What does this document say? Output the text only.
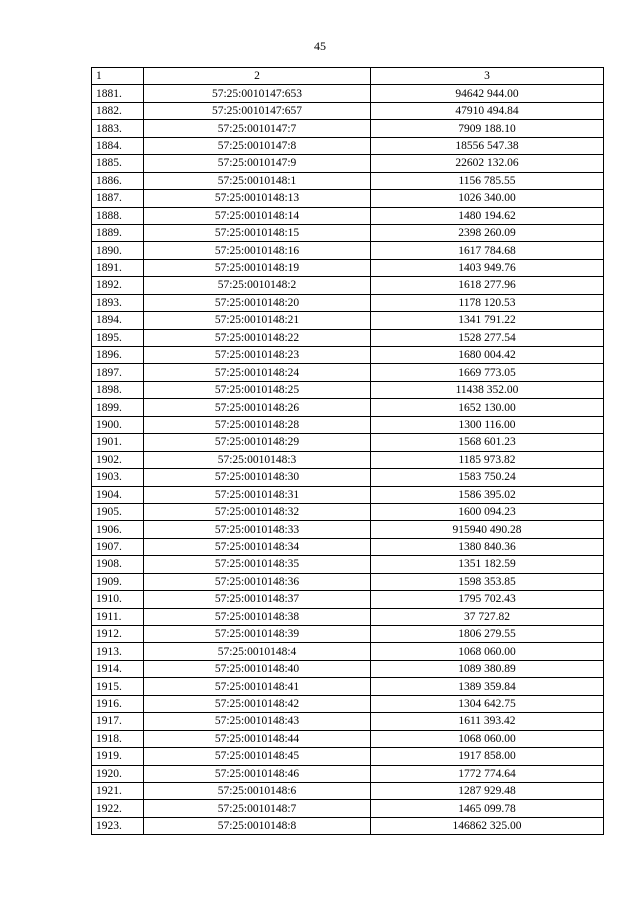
45
1	2	3
1881.	57:25:0010147:653	94642 944.00
1882.	57:25:0010147:657	47910 494.84
1883.	57:25:0010147:7	7909 188.10
1884.	57:25:0010147:8	18556 547.38
1885.	57:25:0010147:9	22602 132.06
1886.	57:25:0010148:1	1156 785.55
1887.	57:25:0010148:13	1026 340.00
1888.	57:25:0010148:14	1480 194.62
1889.	57:25:0010148:15	2398 260.09
1890.	57:25:0010148:16	1617 784.68
1891.	57:25:0010148:19	1403 949.76
1892.	57:25:0010148:2	1618 277.96
1893.	57:25:0010148:20	1178 120.53
1894.	57:25:0010148:21	1341 791.22
1895.	57:25:0010148:22	1528 277.54
1896.	57:25:0010148:23	1680 004.42
1897.	57:25:0010148:24	1669 773.05
1898.	57:25:0010148:25	11438 352.00
1899.	57:25:0010148:26	1652 130.00
1900.	57:25:0010148:28	1300 116.00
1901.	57:25:0010148:29	1568 601.23
1902.	57:25:0010148:3	1185 973.82
1903.	57:25:0010148:30	1583 750.24
1904.	57:25:0010148:31	1586 395.02
1905.	57:25:0010148:32	1600 094.23
1906.	57:25:0010148:33	915940 490.28
1907.	57:25:0010148:34	1380 840.36
1908.	57:25:0010148:35	1351 182.59
1909.	57:25:0010148:36	1598 353.85
1910.	57:25:0010148:37	1795 702.43
1911.	57:25:0010148:38	37 727.82
1912.	57:25:0010148:39	1806 279.55
1913.	57:25:0010148:4	1068 060.00
1914.	57:25:0010148:40	1089 380.89
1915.	57:25:0010148:41	1389 359.84
1916.	57:25:0010148:42	1304 642.75
1917.	57:25:0010148:43	1611 393.42
1918.	57:25:0010148:44	1068 060.00
1919.	57:25:0010148:45	1917 858.00
1920.	57:25:0010148:46	1772 774.64
1921.	57:25:0010148:6	1287 929.48
1922.	57:25:0010148:7	1465 099.78
1923.	57:25:0010148:8	146862 325.00
